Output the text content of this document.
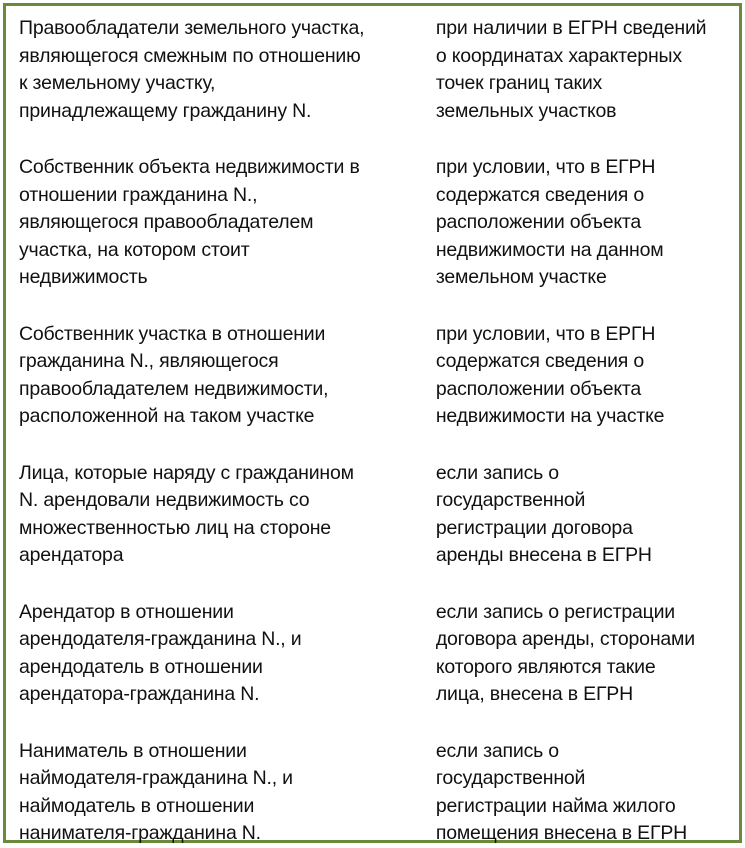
Правообладатели земельного участка,
являющегося смежным по отношению
к земельному участку,
принадлежащему гражданину N.
при наличии в ЕГРН сведений
о координатах характерных
точек границ таких
земельных участков
Собственник объекта недвижимости в
отношении гражданина N.,
являющегося правообладателем
участка, на котором стоит
недвижимость
при условии, что в ЕГРН
содержатся сведения о
расположении объекта
недвижимости на данном
земельном участке
Собственник участка в отношении
гражданина N., являющегося
правообладателем недвижимости,
расположенной на таком участке
при условии, что в ЕРГН
содержатся сведения о
расположении объекта
недвижимости на участке
Лица, которые наряду с гражданином
N. арендовали недвижимость со
множественностью лиц на стороне
арендатора
если запись о
государственной
регистрации договора
аренды внесена в ЕГРН
Арендатор в отношении
арендодателя-гражданина N., и
арендодатель в отношении
арендатора-гражданина N.
если запись о регистрации
договора аренды, сторонами
которого являются такие
лица, внесена в ЕГРН
Наниматель в отношении
наймодателя-гражданина N., и
наймодатель в отношении
нанимателя-гражданина N.
если запись о
государственной
регистрации найма жилого
помещения внесена в ЕГРН
